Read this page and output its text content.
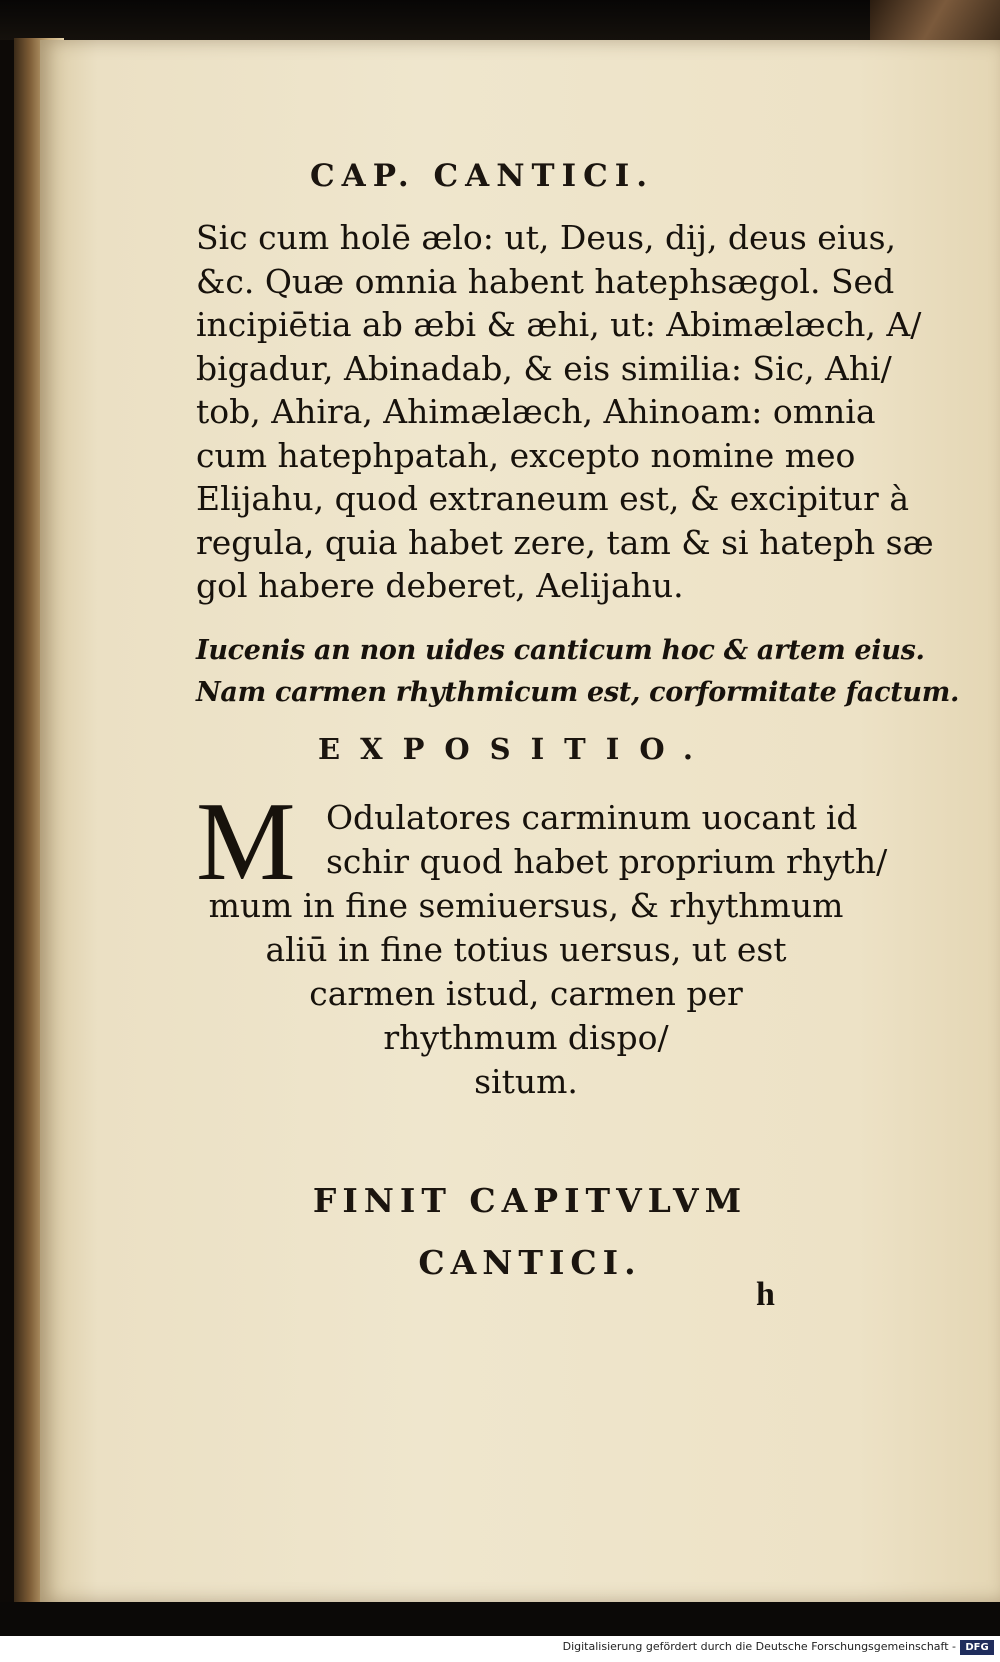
CAP. CANTICI.
Sic cum holē ælo: ut, Deus, dij, deus eius,
&c. Quæ omnia habent hatephsægol. Sed
incipiētia ab æbi & æhi, ut: Abimælæch, A/
bigadur, Abinadab, & eis similia: Sic, Ahi/
tob, Ahira, Ahimælæch, Ahinoam: omnia
cum hatephpatah, excepto nomine meo
Elijahu, quod extraneum est, & excipitur à
regula, quia habet zere, tam & si hateph sæ
gol habere deberet, Aelijahu.
Iucenis an non uides canticum hoc & artem eius.
Nam carmen rhythmicum est, corformitate factum.
EXPOSITIO.
M Odulatores carminum uocant id
schir quod habet proprium rhyth/
mum in fine semiuersus, & rhythmum
aliū in fine totius uersus, ut est
carmen istud, carmen per
rhythmum dispo/
situm.
FINIT CAPITVLVM
CANTICI.
h
Digitalisierung gefördert durch die Deutsche Forschungsgemeinschaft - DFG
